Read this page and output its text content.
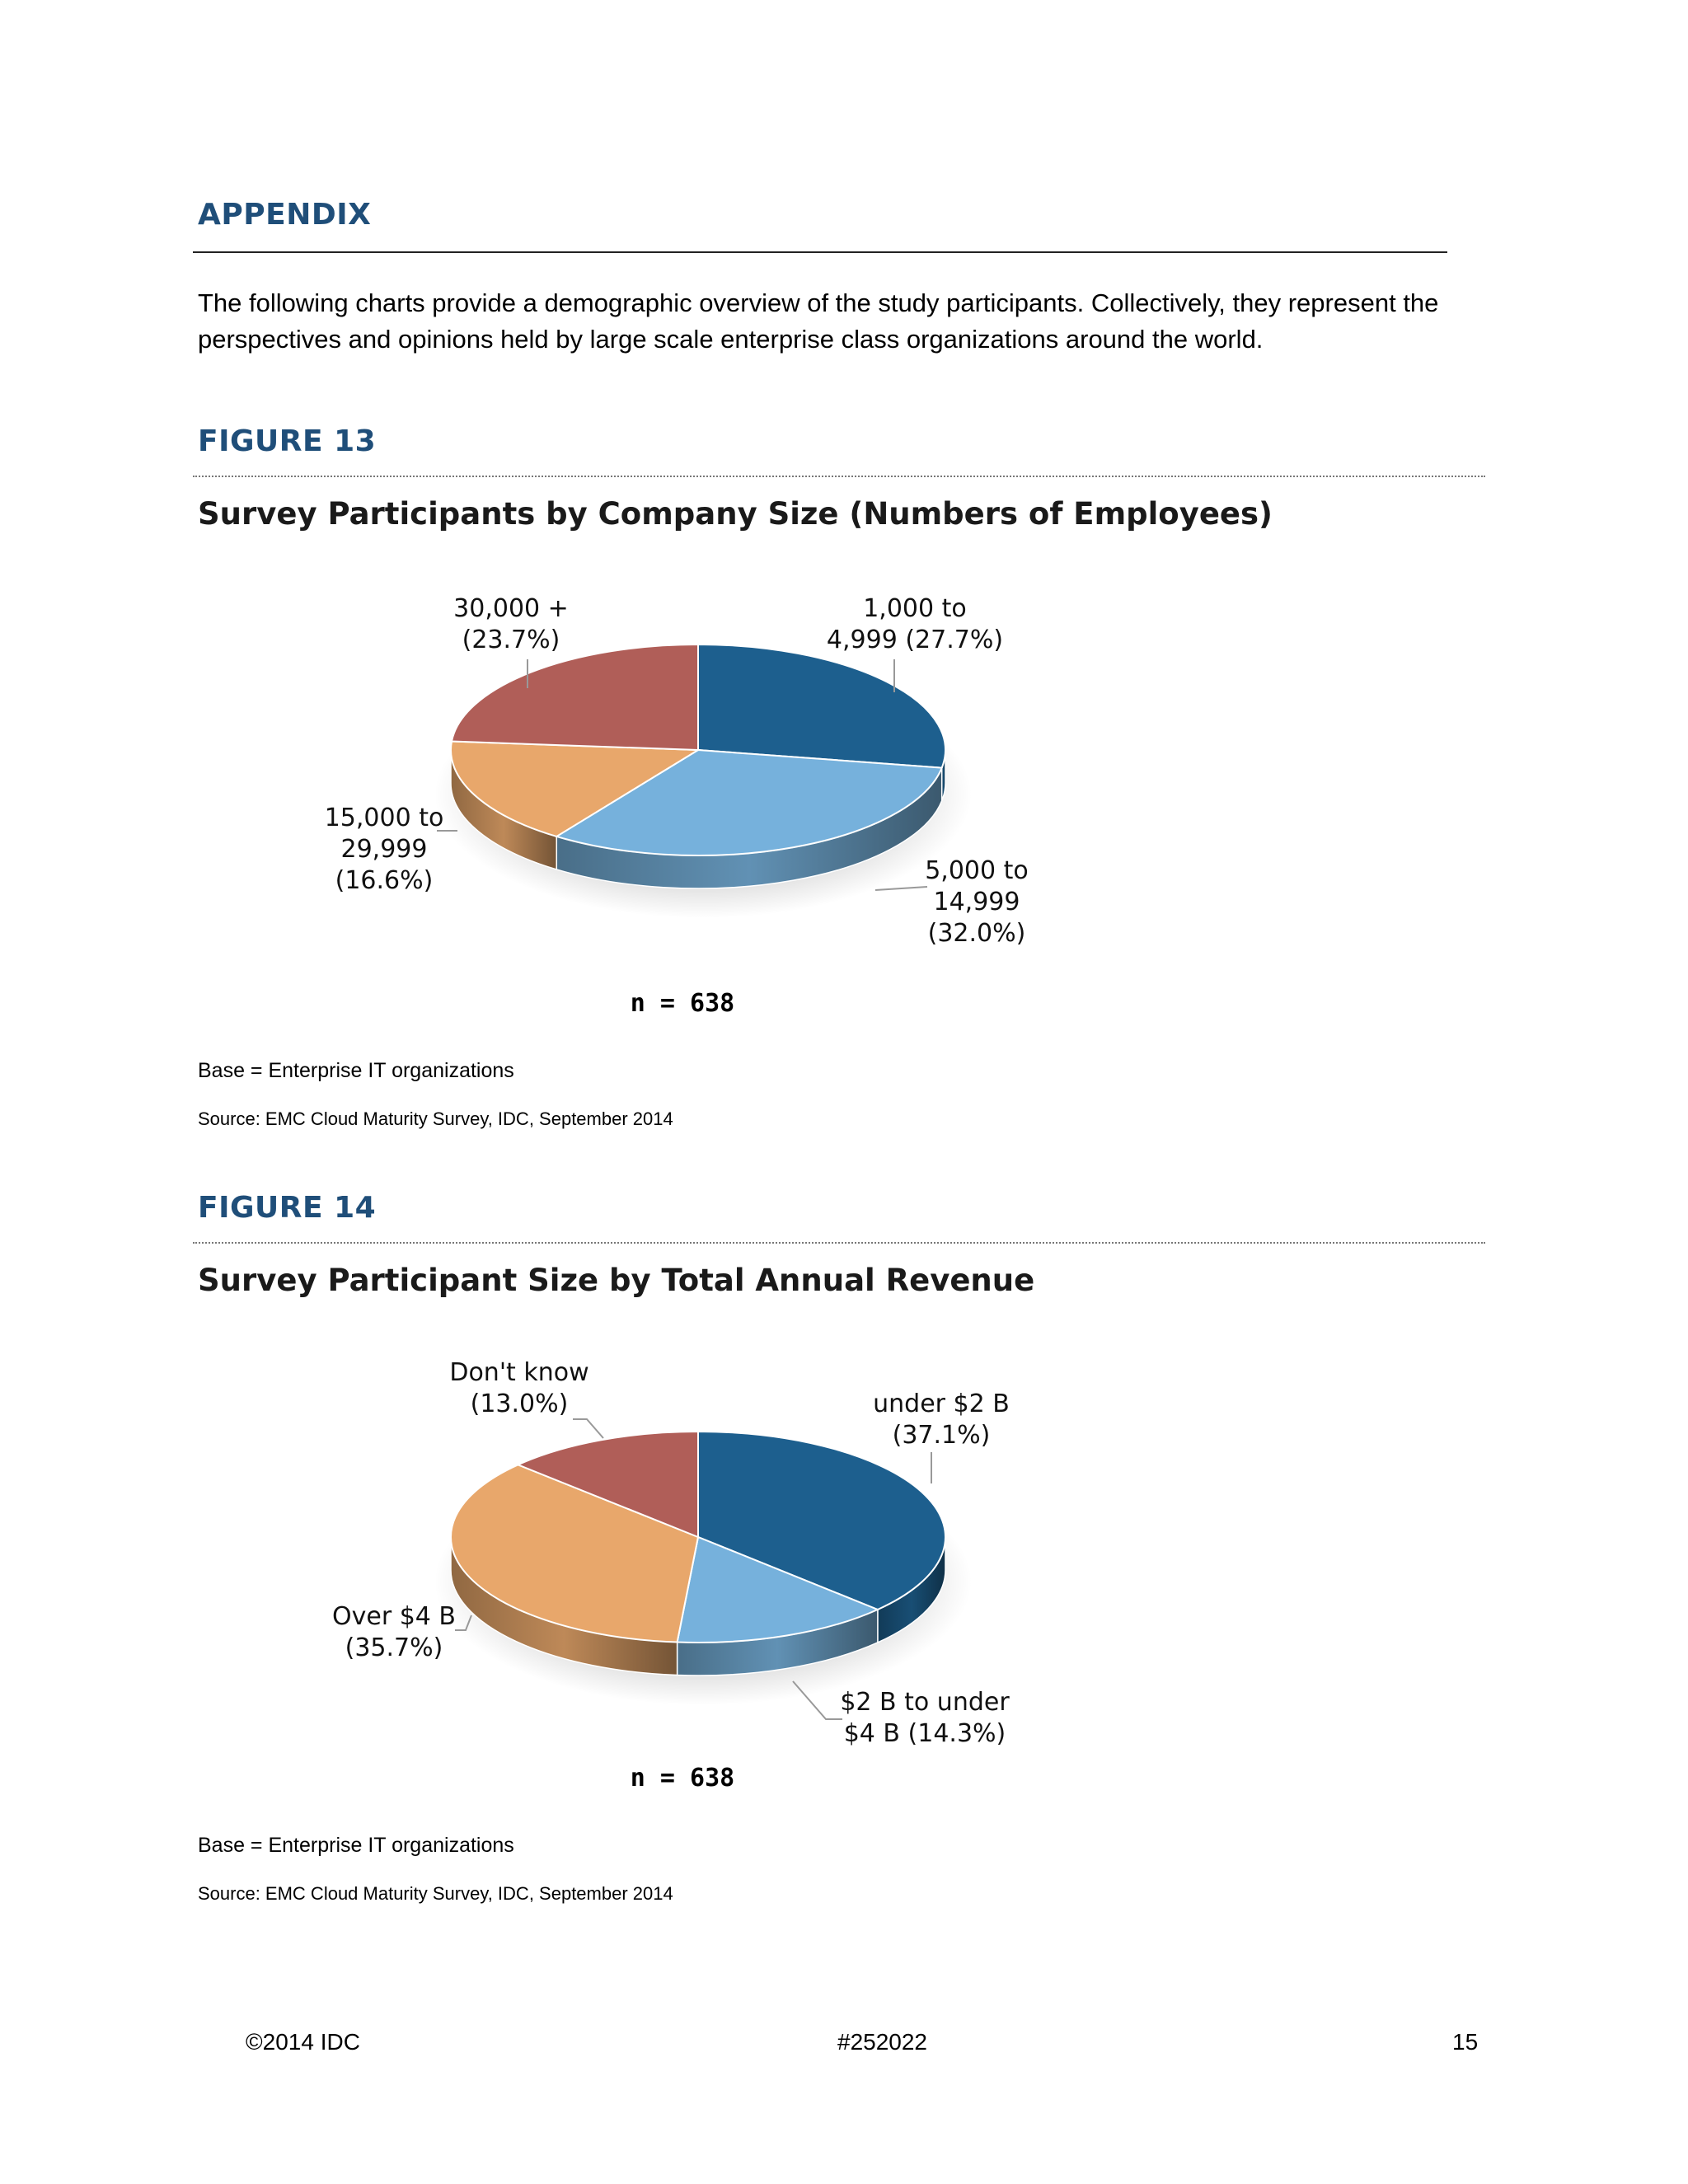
APPENDIX
The following charts provide a demographic overview of the study participants. Collectively, they represent the perspectives and opinions held by large scale enterprise class organizations around the world.
FIGURE 13
Survey Participants by Company Size (Numbers of Employees)
1,000 to 4,999 (27.7%)
5,000 to 14,999 (32.0%)
15,000 to 29,999 (16.6%)
30,000 + (23.7%)
n = 638
Base = Enterprise IT organizations
Source: EMC Cloud Maturity Survey, IDC, September 2014
FIGURE 14
Survey Participant Size by Total Annual Revenue
under $2 B (37.1%)
$2 B to under $4 B (14.3%)
Over $4 B (35.7%)
Don't know (13.0%)
n = 638
Base = Enterprise IT organizations
Source: EMC Cloud Maturity Survey, IDC, September 2014
©2014 IDC	#252022	15
